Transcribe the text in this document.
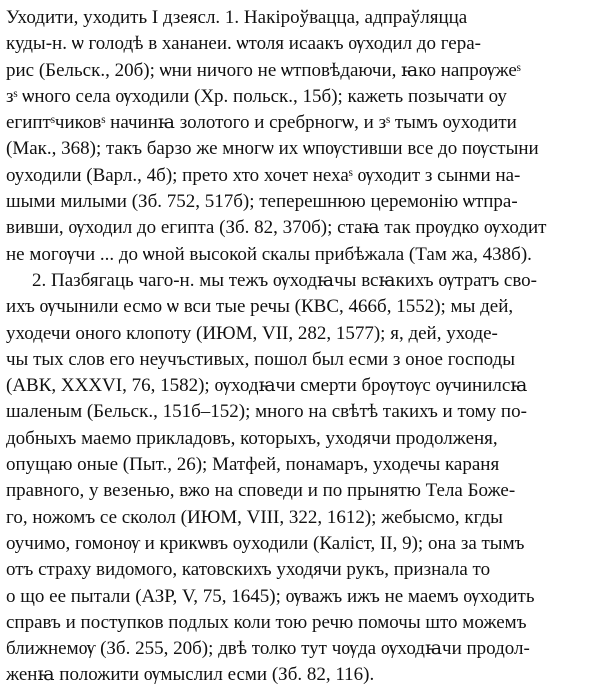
Уходити, уходить I дзеясл. 1. Накіроўвацца, адпраўляцца
куды-н. ѡ голодѣ в хананеи. ѡтоля исаакъ ѹходил до гера-
рис (Бельск., 20б); ѡни ничого не ѡтповѣдаючи, ꙗко напрѹжеˢ
зˢ ѡного села ѹходили (Хр. польск., 15б); кажеть позычати оу
египтˢчиковˢ начинꙗ золотого и сребрногѡ, и зˢ тымъ оуходити
(Мак., 368); такъ барзо же многѡ их ѡпѹстивши все до пѹстыни
оуходили (Варл., 4б); прето хто хочет нехаˢ ѹходит з сынми на-
шыми милыми (Зб. 752, 517б); теперешнюю церемонію ѡтпра-
вивши, ѹходил до египта (Зб. 82, 370б); стаꙗ так прѹдко ѹходит
не могѹчи ... до ѡной высокой скалы прибѣжала (Там жа, 438б).
2. Пазбягаць чаго-н. мы тежъ ѹходꙗчы всꙗкихъ ѹтратъ сво-
ихъ ѹчынили есмо ѡ вси тые речы (КВС, 466б, 1552); мы дей,
уходечи оного клопоту (ИЮМ, VII, 282, 1577); я, дей, уходе-
чы тых слов его неучъстивых, пошол был есми з оное господы
(АВК, XXXVI, 76, 1582); ѹходꙗчи смерти брѹтѹс ѹчинилсꙗ
шаленым (Бельск., 151б–152); много на свѣтѣ такихъ и тому по-
добныхъ маемо прикладовъ, которыхъ, уходячи продолженя,
опущаю оные (Пыт., 26); Матфей, понамаръ, уходечы караня
правного, у везенью, вжо на споведи и по прынятю Тела Боже-
го, ножомъ се сколол (ИЮМ, VIII, 322, 1612); жебысмо, кгды
оучимо, гомонѹ и крикѡвъ оуходили (Каліст, II, 9); она за тымъ
отъ страху видомого, катовскихъ уходячи рукъ, признала то
о що ее пытали (АЗР, V, 75, 1645); ѹважъ ижъ не маемъ ѹходить
справъ и поступков подлых коли тою речю помочы што можемъ
ближнемѹ (Зб. 255, 20б); двѣ толко тут чѹда ѹходꙗчи продол-
женꙗ положити ѹмыслил есми (Зб. 82, 116).
